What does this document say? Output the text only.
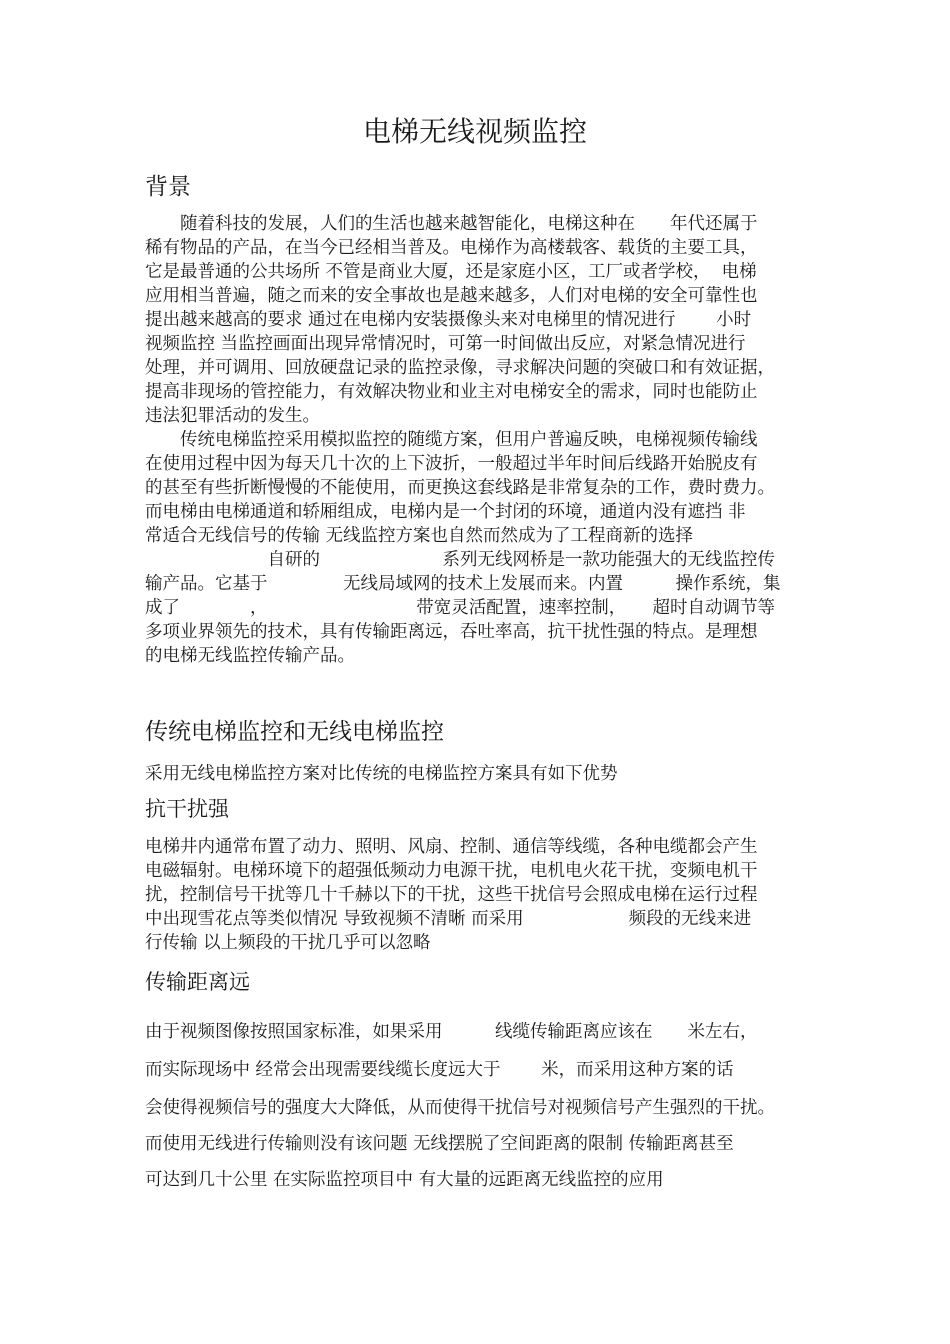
电梯无线视频监控
背景
　　随着科技的发展，人们的生活也越来越智能化，电梯这种在　　年代还属于
稀有物品的产品，在当今已经相当普及。电梯作为高楼载客、载货的主要工具，
它是最普通的公共场所 不管是商业大厦，还是家庭小区，工厂或者学校，  电梯
应用相当普遍，随之而来的安全事故也是越来越多，人们对电梯的安全可靠性也
提出越来越高的要求 通过在电梯内安装摄像头来对电梯里的情况进行　　 小时
视频监控 当监控画面出现异常情况时，可第一时间做出反应，对紧急情况进行
处理，并可调用、回放硬盘记录的监控录像，寻求解决问题的突破口和有效证据，
提高非现场的管控能力，有效解决物业和业主对电梯安全的需求，同时也能防止
违法犯罪活动的发生。
　　传统电梯监控采用模拟监控的随缆方案，但用户普遍反映，电梯视频传输线
在使用过程中因为每天几十次的上下波折，一般超过半年时间后线路开始脱皮有
的甚至有些折断慢慢的不能使用，而更换这套线路是非常复杂的工作，费时费力。
而电梯由电梯通道和轿厢组成，电梯内是一个封闭的环境，通道内没有遮挡 非
常适合无线信号的传输 无线监控方案也自然而然成为了工程商新的选择
　　　　　　　自研的　　　　　　　系列无线网桥是一款功能强大的无线监控传
输产品。它基于　　　　 无线局域网的技术上发展而来。内置　　　操作系统，集
成了　　　　，　　　　　　　　　带宽灵活配置，速率控制，　　超时自动调节等
多项业界领先的技术，具有传输距离远，吞吐率高，抗干扰性强的特点。是理想
的电梯无线监控传输产品。
传统电梯监控和无线电梯监控
采用无线电梯监控方案对比传统的电梯监控方案具有如下优势
抗干扰强
电梯井内通常布置了动力、照明、风扇、控制、通信等线缆，各种电缆都会产生
电磁辐射。电梯环境下的超强低频动力电源干扰，电机电火花干扰，变频电机干
扰，控制信号干扰等几十千赫以下的干扰，这些干扰信号会照成电梯在运行过程
中出现雪花点等类似情况 导致视频不清晰 而采用　　　　　　频段的无线来进
行传输 以上频段的干扰几乎可以忽略
传输距离远
由于视频图像按照国家标准，如果采用　　　线缆传输距离应该在　　米左右，
而实际现场中 经常会出现需要线缆长度远大于　　 米，而采用这种方案的话
会使得视频信号的强度大大降低，从而使得干扰信号对视频信号产生强烈的干扰。
而使用无线进行传输则没有该问题 无线摆脱了空间距离的限制 传输距离甚至
可达到几十公里 在实际监控项目中 有大量的远距离无线监控的应用
